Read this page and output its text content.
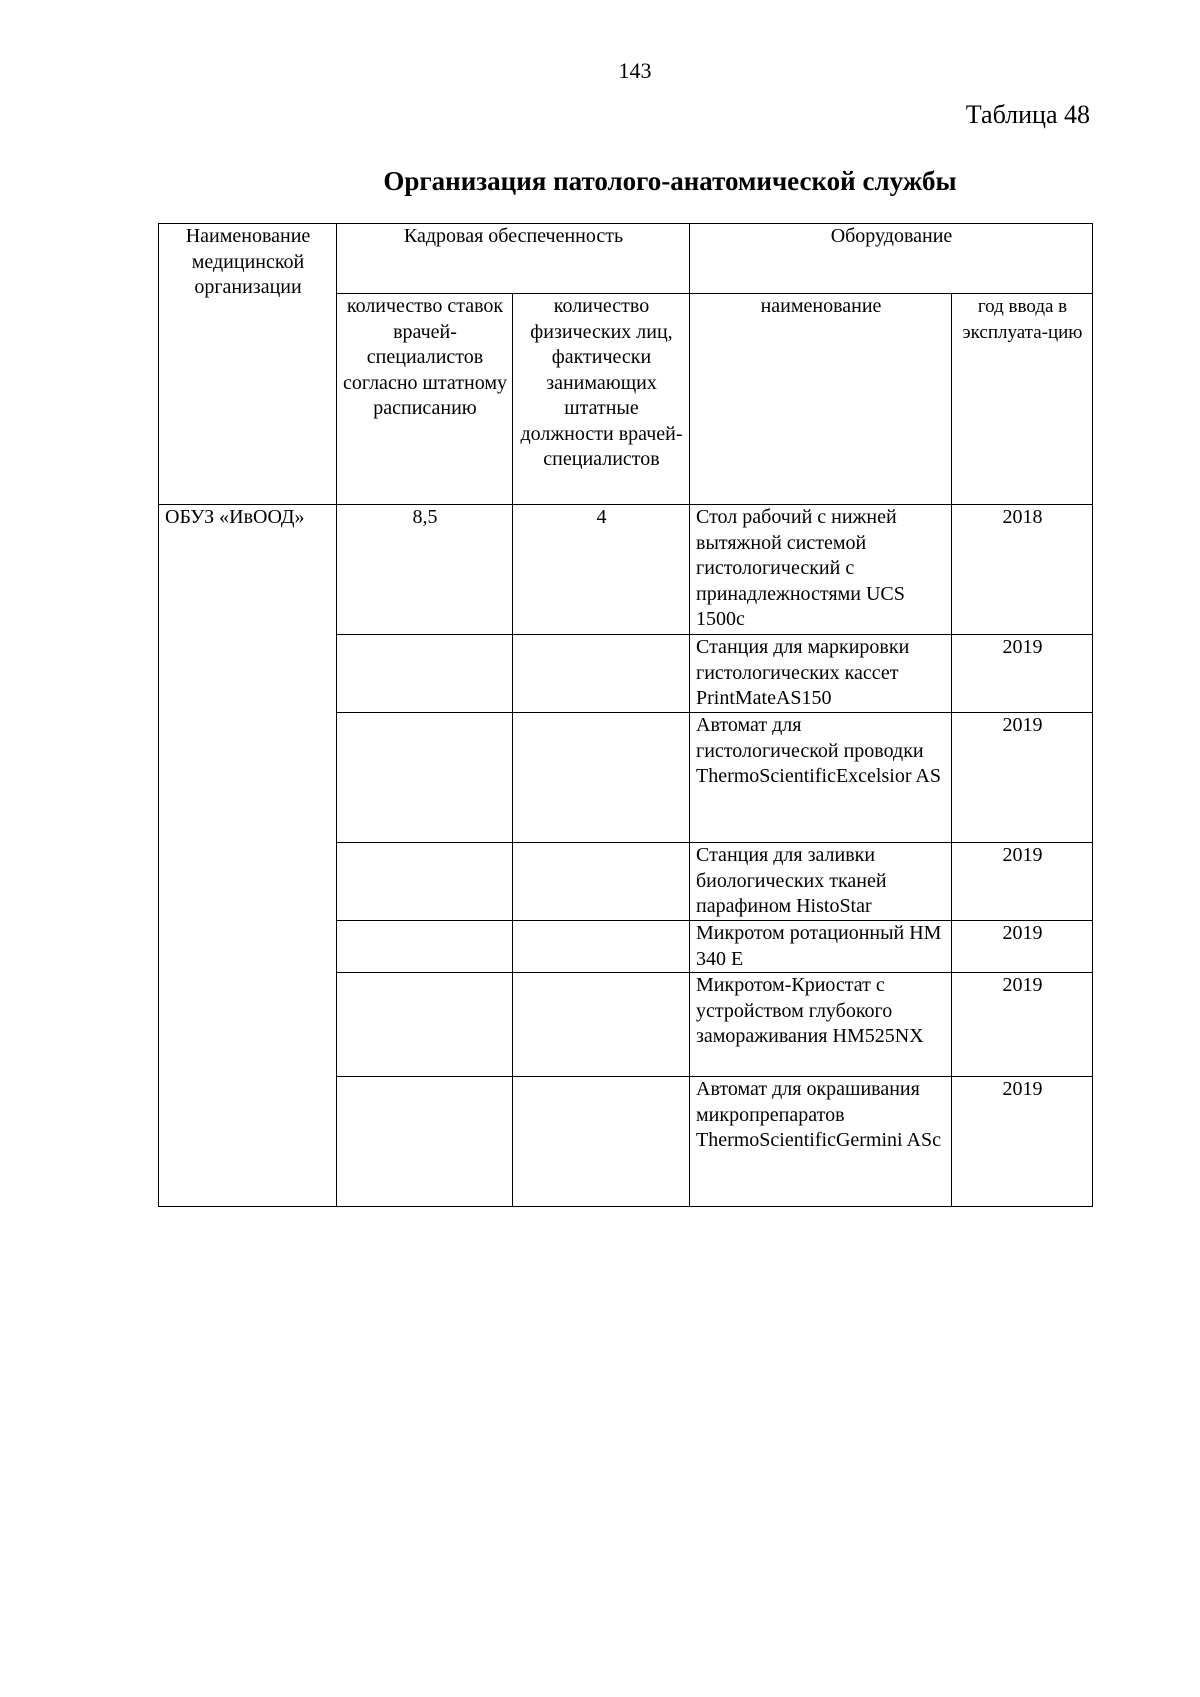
143
Таблица 48
Организация патолого-анатомической службы
Наименование медицинской организации	Кадровая обеспеченность		Оборудование	
	количество ставок врачей-специалистов согласно штатному расписанию	количество физических лиц, фактически занимающих штатные должности врачей-специалистов	наименование	год ввода в эксплуата-цию
ОБУЗ «ИвООД»	8,5	4	Стол рабочий с нижней вытяжной системой гистологический с принадлежностями UCS 1500c	2018
			Станция для маркировки гистологических кассет PrintMateAS150	2019
			Автомат для гистологической проводки ThermoScientificExcelsior AS	2019
			Станция для заливки биологических тканей парафином HistoStar	2019
			Микротом ротационный HM 340 E	2019
			Микротом-Криостат с устройством глубокого замораживания HM525NX	2019
			Автомат для окрашивания микропрепаратов ThermoScientificGermini ASc	2019
